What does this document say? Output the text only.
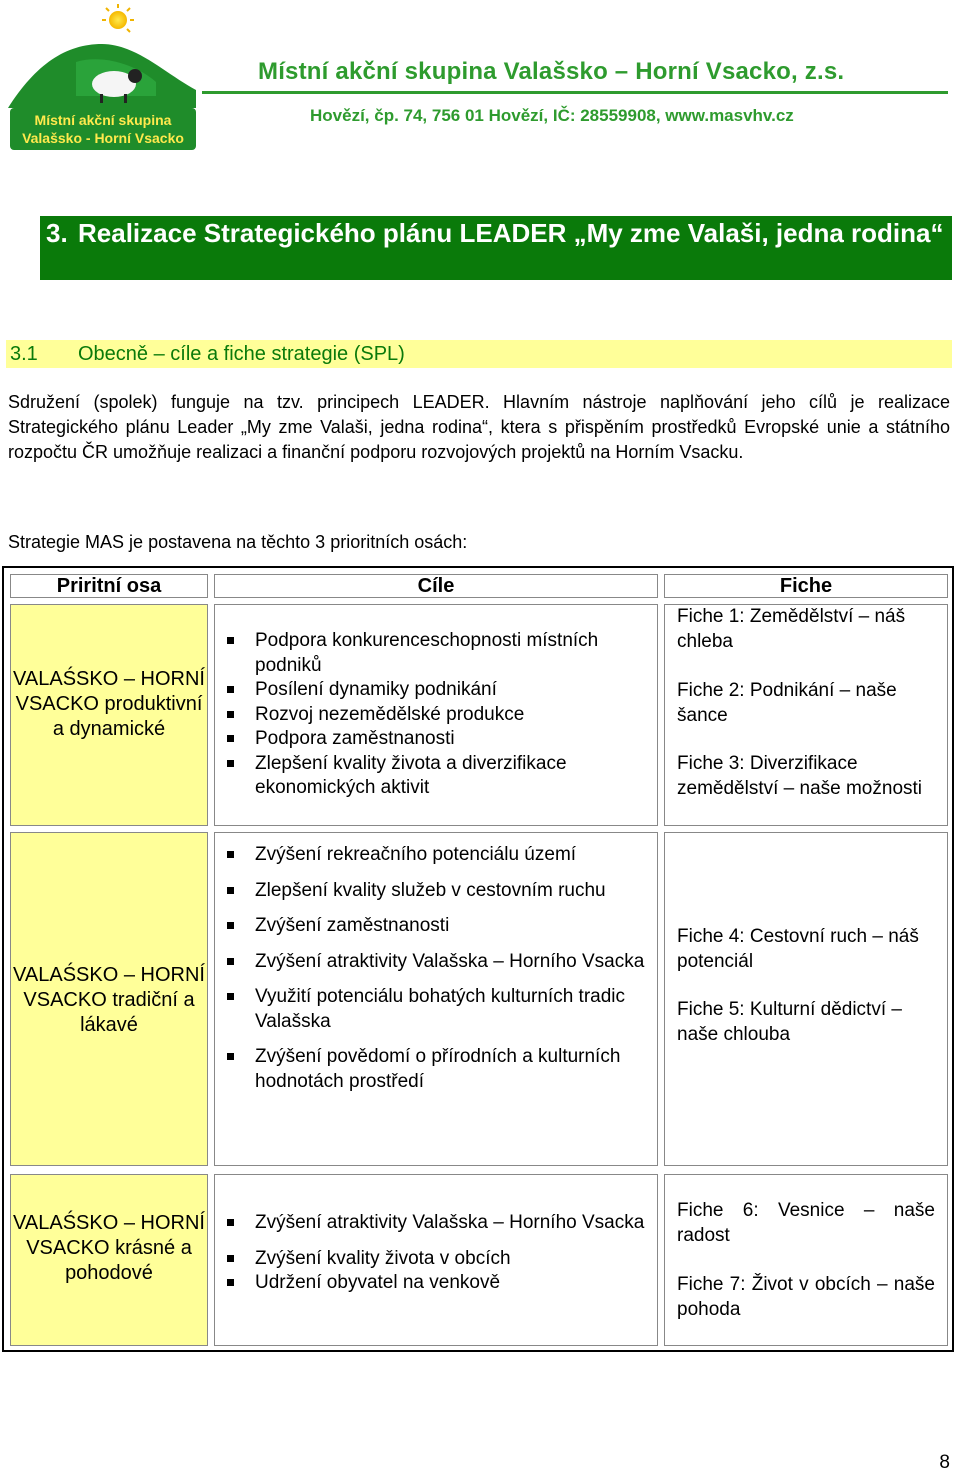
Místní akční skupina
Valašsko - Horní Vsacko
Místní akční skupina Valašsko – Horní Vsacko, z.s.
Hovězí, čp. 74, 756 01 Hovězí, IČ: 28559908, www.masvhv.cz
3. Realizace Strategického plánu LEADER „My zme Valaši, jedna rodina“
3.1 Obecně – cíle a fiche strategie (SPL)

Sdružení (spolek) funguje na tzv. principech LEADER. Hlavním nástroje naplňování jeho cílů je realizace Strategického plánu Leader „My zme Valaši, jedna rodina“, ktera s přispěním prostředků Evropské unie a státního rozpočtu ČR umožňuje realizaci a finanční podporu rozvojových projektů na Horním Vsacku.

Strategie MAS je postavena na těchto 3 prioritních osách:

Priritní osa	Cíle	Fiche
VALAŚSKO – HORNÍ VSACKO produktivní a dynamické
Podpora konkurenceschopnosti místních podniků
Posílení dynamiky podnikání
Rozvoj nezemědělské produkce
Podpora zaměstnanosti
Zlepšení kvality života a diverzifikace ekonomických aktivit
Fiche 1: Zemědělství – náš chleba
Fiche 2: Podnikání – naše šance
Fiche 3: Diverzifikace zemědělství – naše možnosti
VALAŚSKO – HORNÍ VSACKO tradiční a lákavé
Zvýšení rekreačního potenciálu území
Zlepšení kvality služeb v cestovním ruchu
Zvýšení zaměstnanosti
Zvýšení atraktivity Valašska – Horního Vsacka
Využití potenciálu bohatých kulturních tradic Valašska
Zvýšení povědomí o přírodních a kulturních hodnotách prostředí
Fiche 4: Cestovní ruch – náš potenciál
Fiche 5: Kulturní dědictví – naše chlouba
VALAŚSKO – HORNÍ VSACKO krásné a pohodové
Zvýšení atraktivity Valašska – Horního Vsacka
Zvýšení kvality života v obcích
Udržení obyvatel na venkově
Fiche 6: Vesnice – naše radost
Fiche 7: Život v obcích – naše pohoda
8
